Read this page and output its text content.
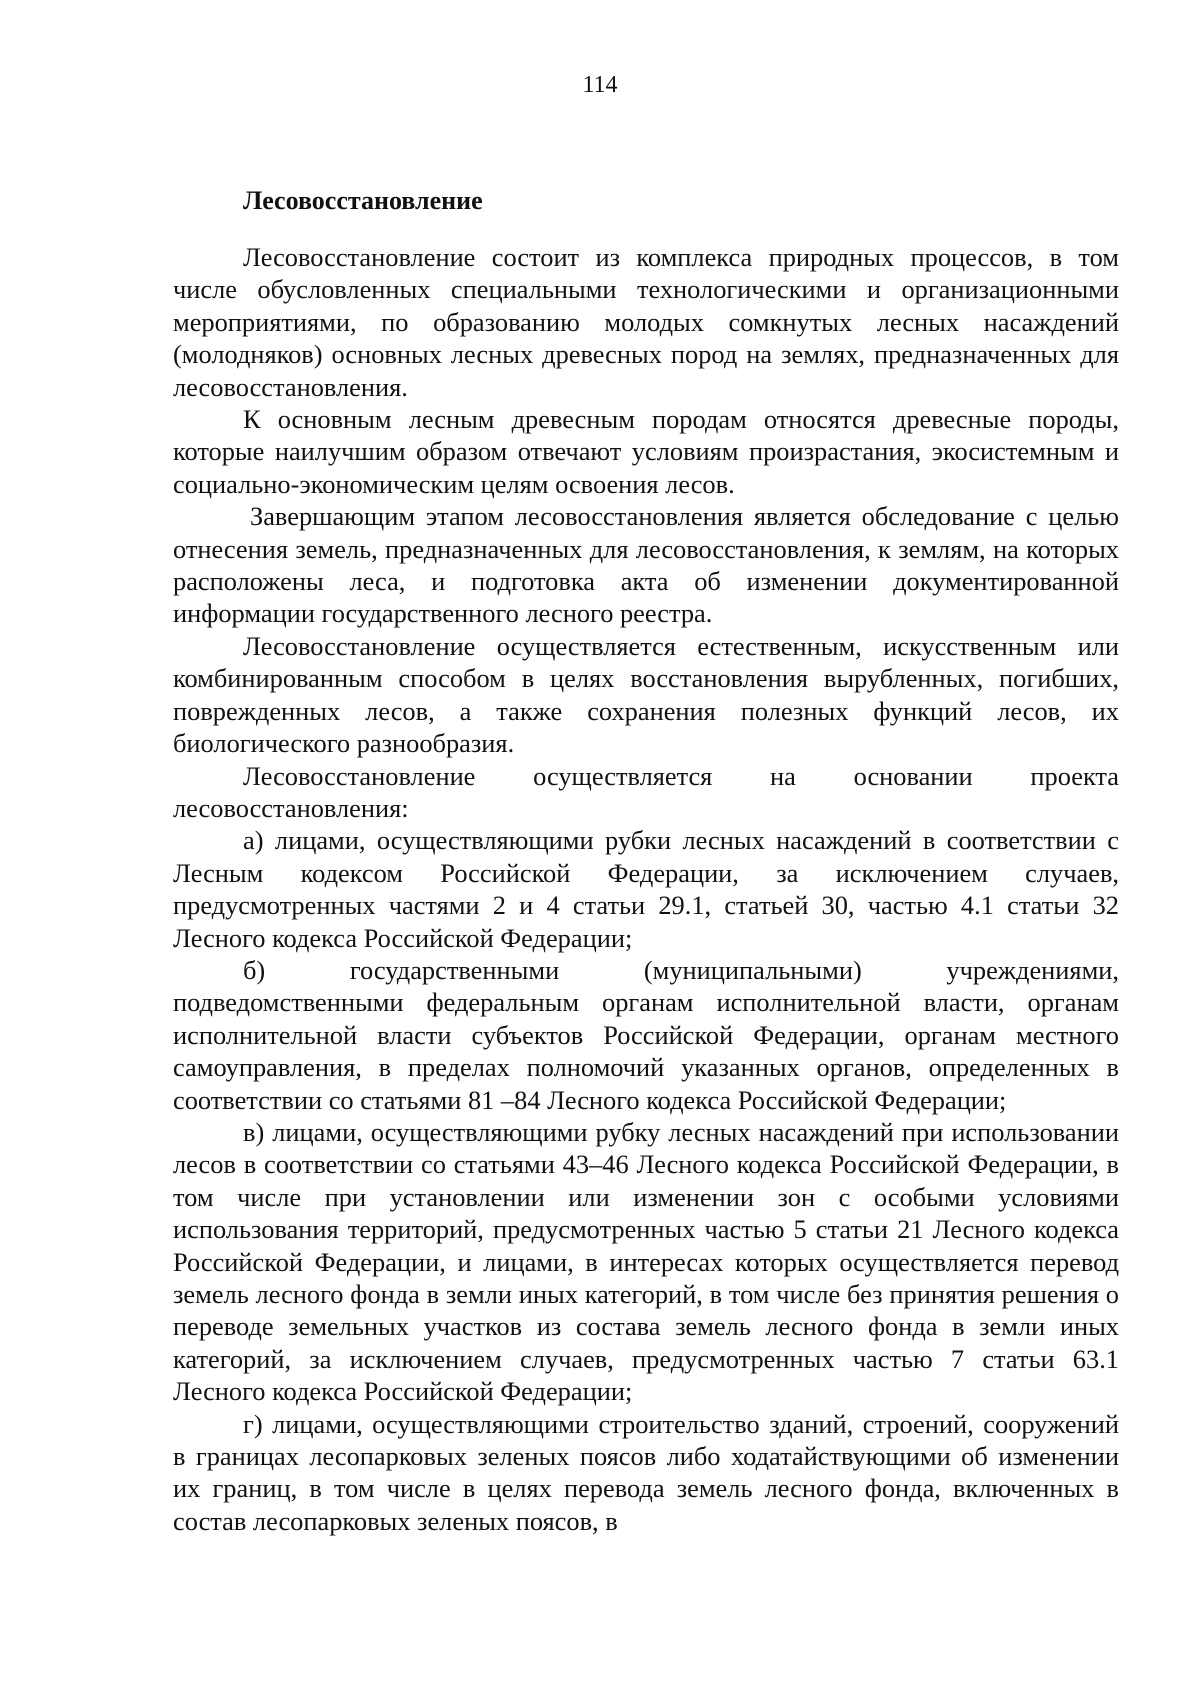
114
Лесовосстановление

Лесовосстановление состоит из комплекса природных процессов, в том числе обусловленных специальными технологическими и организационными мероприятиями, по образованию молодых сомкнутых лесных насаждений (молодняков) основных лесных древесных пород на землях, предназначенных для лесовосстановления.

К основным лесным древесным породам относятся древесные породы, которые наилучшим образом отвечают условиям произрастания, экосистемным и социально-экономическим целям освоения лесов.

Завершающим этапом лесовосстановления является обследование с целью отнесения земель, предназначенных для лесовосстановления, к землям, на которых расположены леса, и подготовка акта об изменении документированной информации государственного лесного реестра.

Лесовосстановление осуществляется естественным, искусственным или комбинированным способом в целях восстановления вырубленных, погибших, поврежденных лесов, а также сохранения полезных функций лесов, их биологического разнообразия.

Лесовосстановление осуществляется на основании проекта лесовосстановления:

а) лицами, осуществляющими рубки лесных насаждений в соответствии с Лесным кодексом Российской Федерации, за исключением случаев, предусмотренных частями 2 и 4 статьи 29.1, статьей 30, частью 4.1 статьи 32 Лесного кодекса Российской Федерации;

б) государственными (муниципальными) учреждениями, подведомственными федеральным органам исполнительной власти, органам исполнительной власти субъектов Российской Федерации, органам местного самоуправления, в пределах полномочий указанных органов, определенных в соответствии со статьями 81 –84 Лесного кодекса Российской Федерации;

в) лицами, осуществляющими рубку лесных насаждений при использовании лесов в соответствии со статьями 43–46 Лесного кодекса Российской Федерации, в том числе при установлении или изменении зон с особыми условиями использования территорий, предусмотренных частью 5 статьи 21 Лесного кодекса Российской Федерации, и лицами, в интересах которых осуществляется перевод земель лесного фонда в земли иных категорий, в том числе без принятия решения о переводе земельных участков из состава земель лесного фонда в земли иных категорий, за исключением случаев, предусмотренных частью 7 статьи 63.1 Лесного кодекса Российской Федерации;

г) лицами, осуществляющими строительство зданий, строений, сооружений в границах лесопарковых зеленых поясов либо ходатайствующими об изменении их границ, в том числе в целях перевода земель лесного фонда, включенных в состав лесопарковых зеленых поясов, в
